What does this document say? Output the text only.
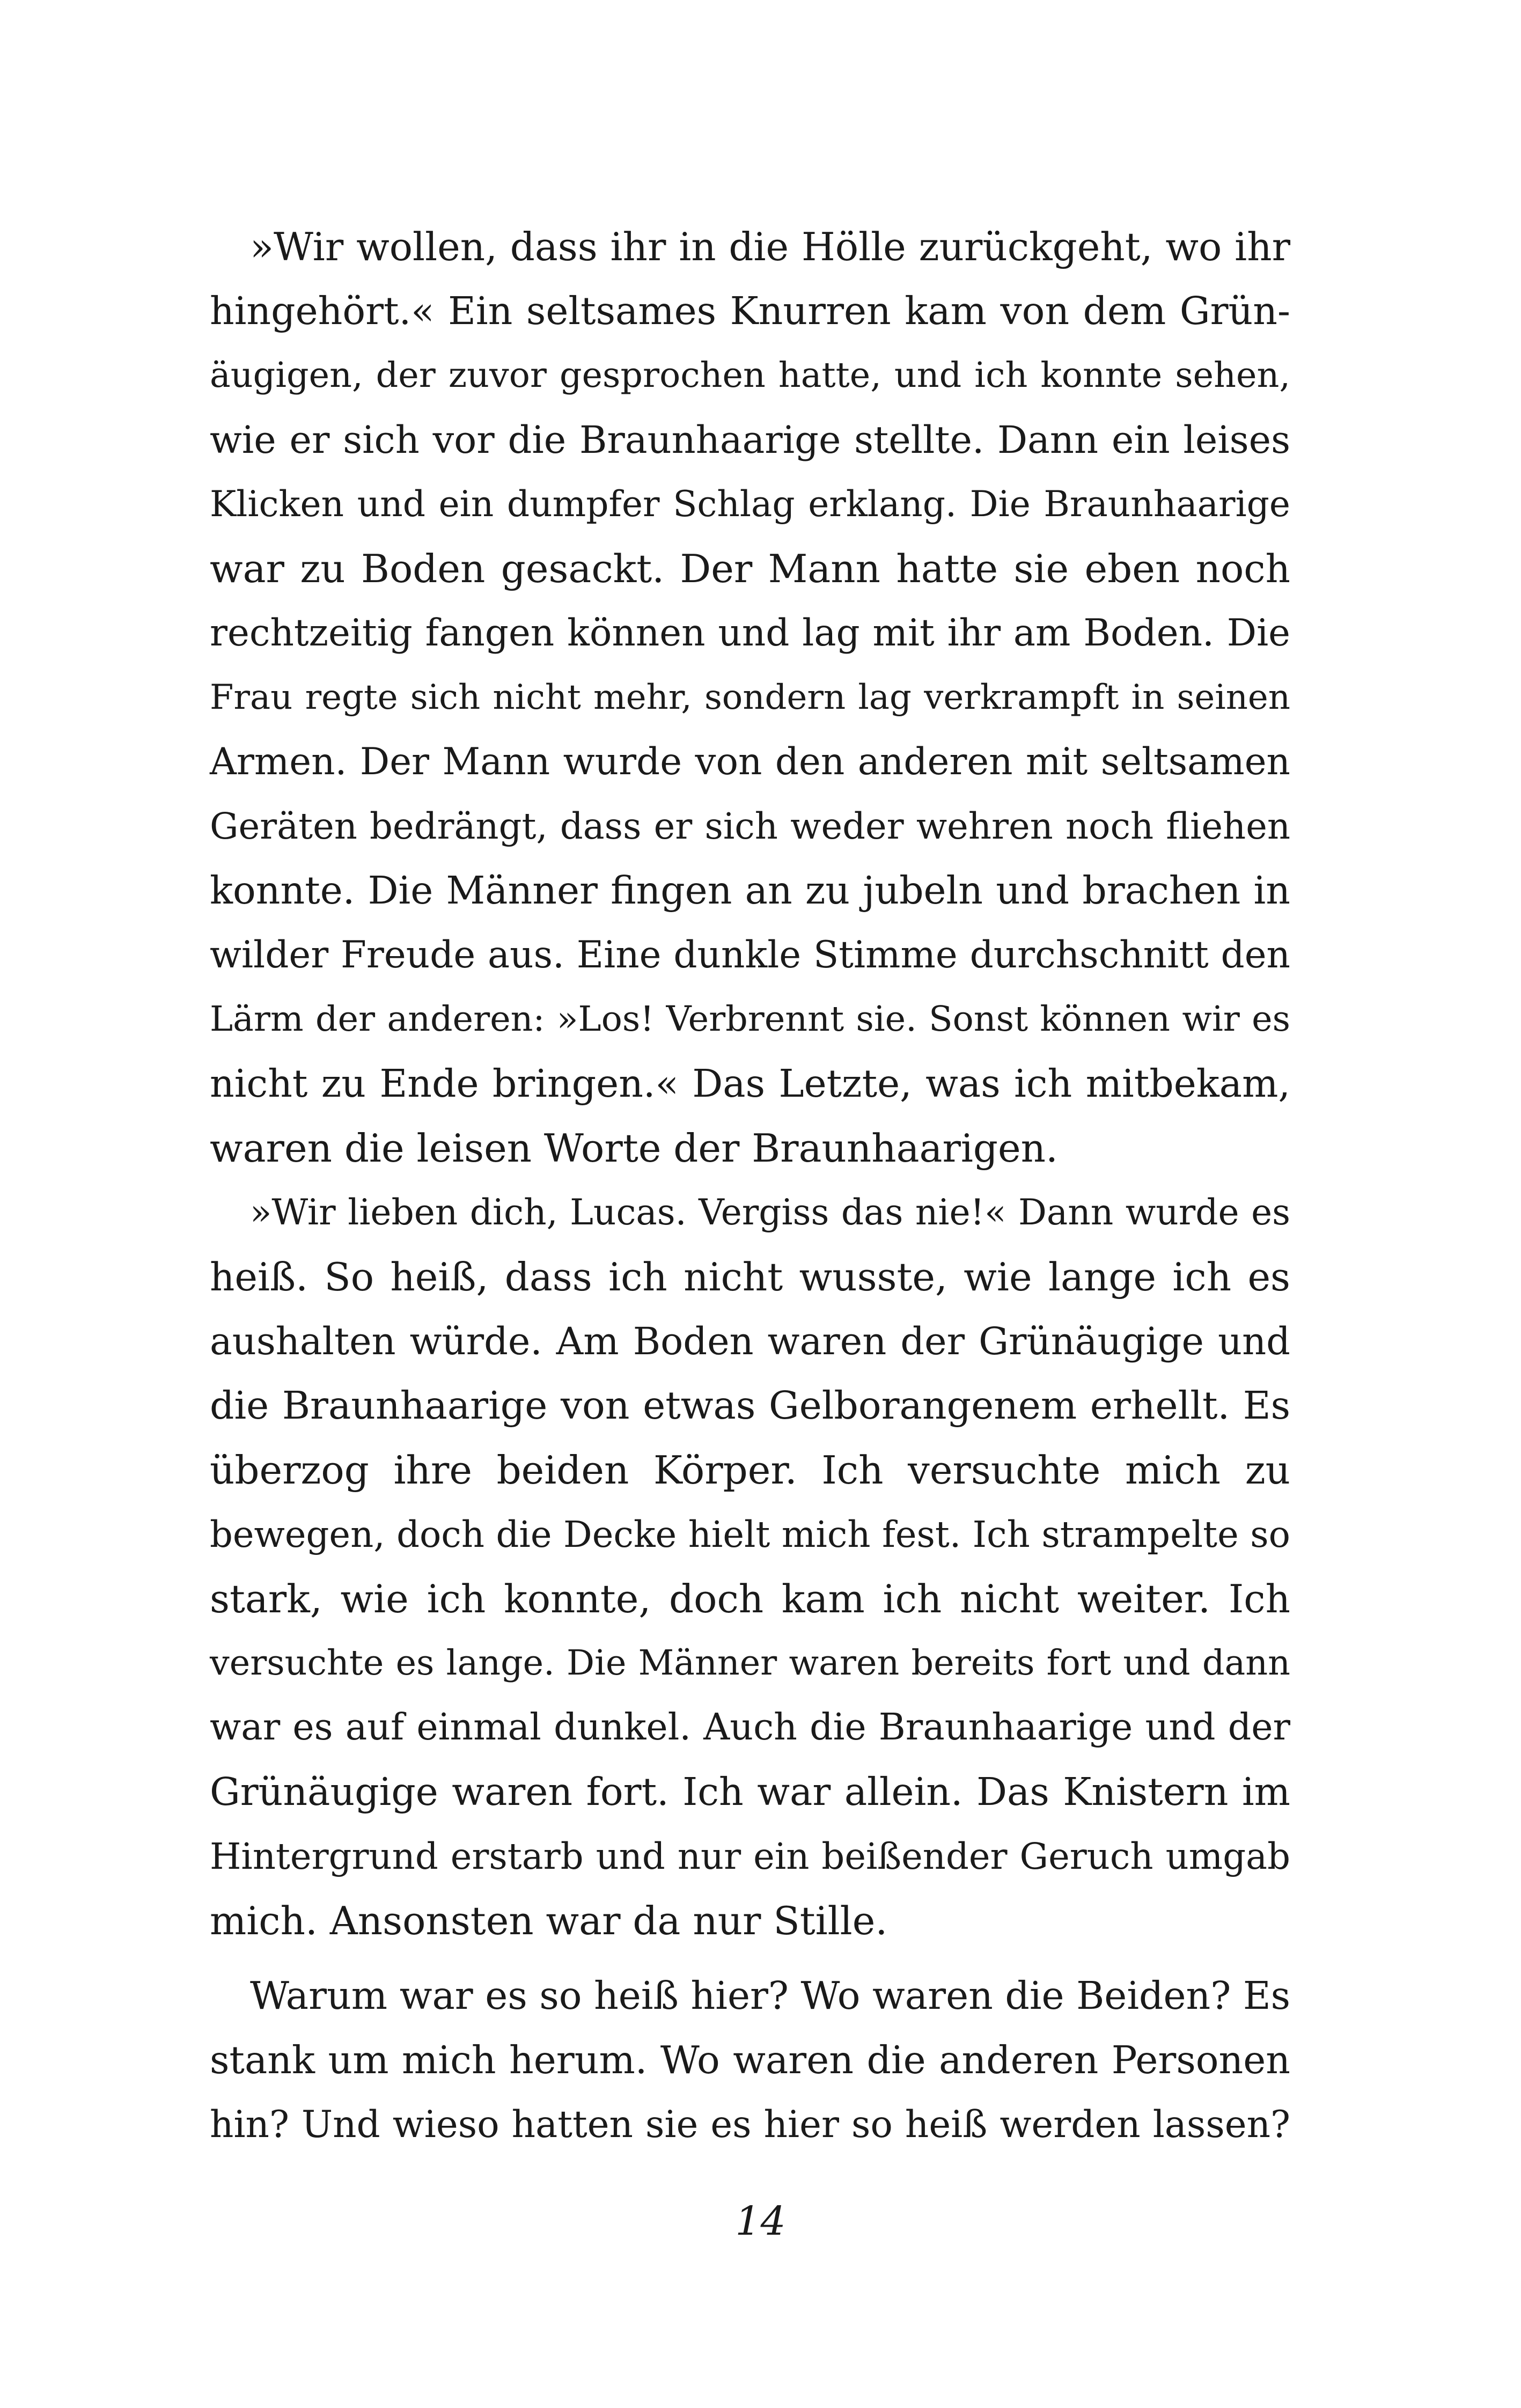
»Wir wollen, dass ihr in die Hölle zurückgeht, wo ihr
hingehört.« Ein seltsames Knurren kam von dem Grün-
äugigen, der zuvor gesprochen hatte, und ich konnte sehen,
wie er sich vor die Braunhaarige stellte. Dann ein leises
Klicken und ein dumpfer Schlag erklang. Die Braunhaarige
war zu Boden gesackt. Der Mann hatte sie eben noch
rechtzeitig fangen können und lag mit ihr am Boden. Die
Frau regte sich nicht mehr, sondern lag verkrampft in seinen
Armen. Der Mann wurde von den anderen mit seltsamen
Geräten bedrängt, dass er sich weder wehren noch fliehen
konnte. Die Männer fingen an zu jubeln und brachen in
wilder Freude aus. Eine dunkle Stimme durchschnitt den
Lärm der anderen: »Los! Verbrennt sie. Sonst können wir es
nicht zu Ende bringen.« Das Letzte, was ich mitbekam,
waren die leisen Worte der Braunhaarigen.
»Wir lieben dich, Lucas. Vergiss das nie!« Dann wurde es
heiß. So heiß, dass ich nicht wusste, wie lange ich es
aushalten würde. Am Boden waren der Grünäugige und
die Braunhaarige von etwas Gelborangenem erhellt. Es
überzog ihre beiden Körper. Ich versuchte mich zu
bewegen, doch die Decke hielt mich fest. Ich strampelte so
stark, wie ich konnte, doch kam ich nicht weiter. Ich
versuchte es lange. Die Männer waren bereits fort und dann
war es auf einmal dunkel. Auch die Braunhaarige und der
Grünäugige waren fort. Ich war allein. Das Knistern im
Hintergrund erstarb und nur ein beißender Geruch umgab
mich. Ansonsten war da nur Stille.
Warum war es so heiß hier? Wo waren die Beiden? Es
stank um mich herum. Wo waren die anderen Personen
hin? Und wieso hatten sie es hier so heiß werden lassen?
14
